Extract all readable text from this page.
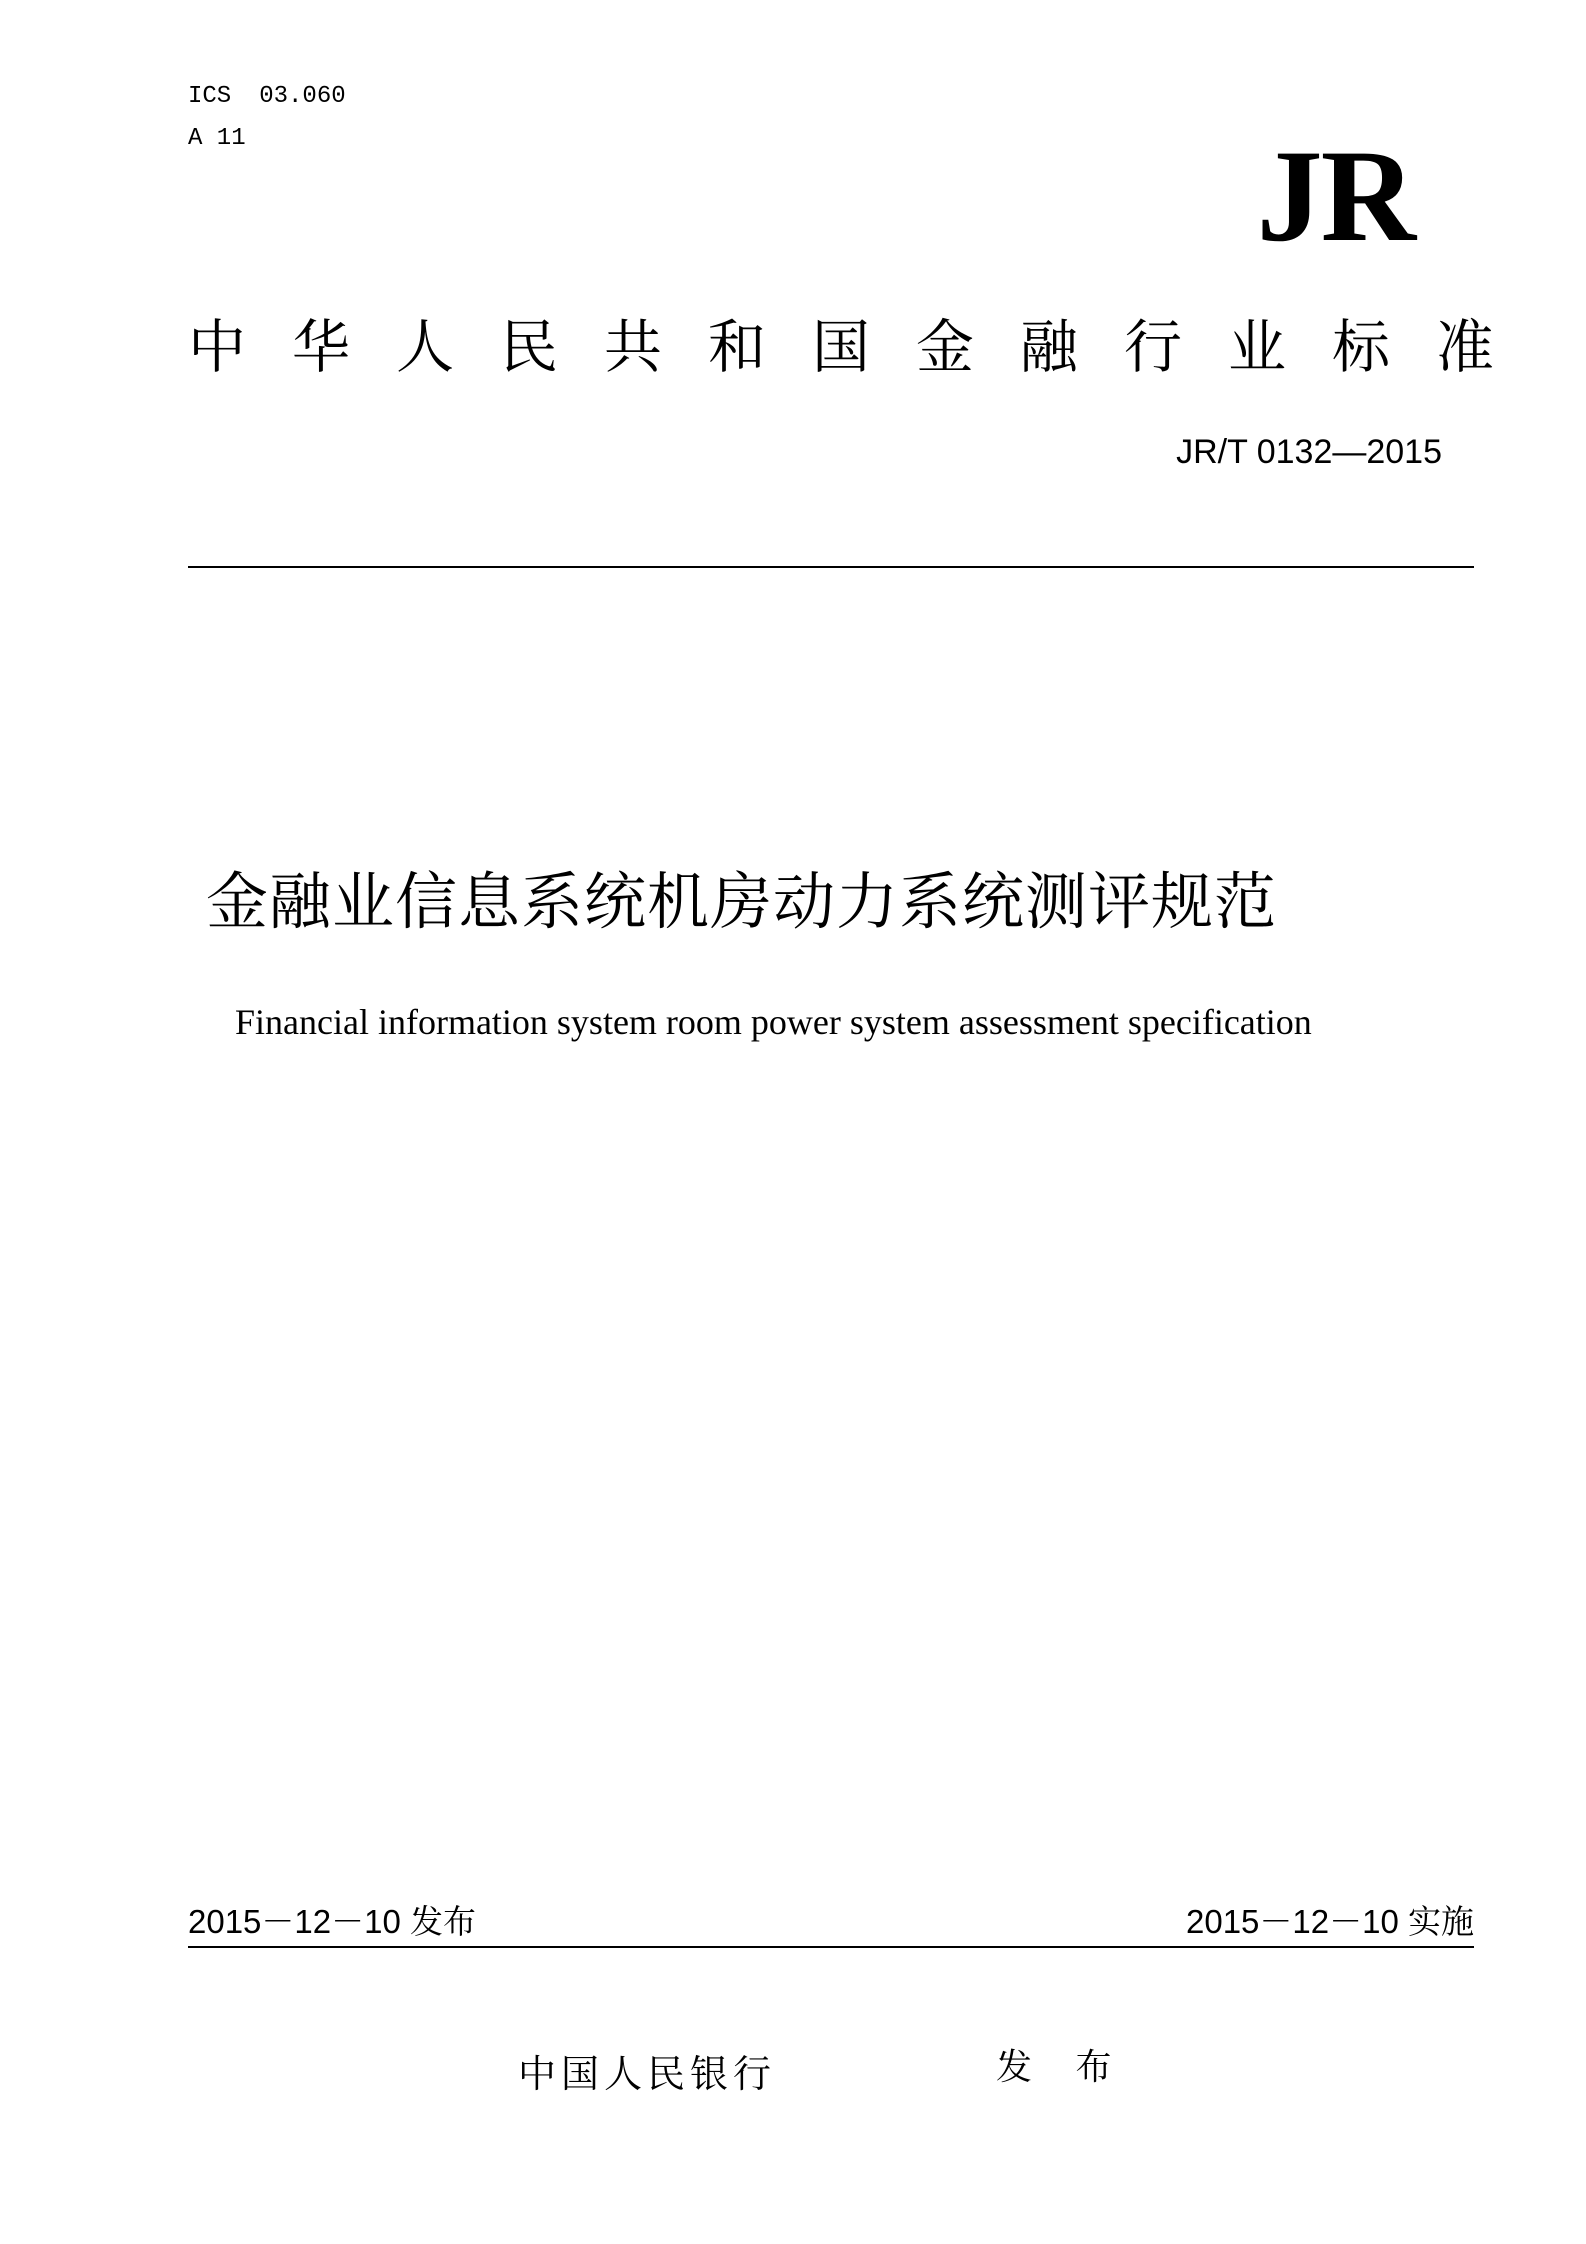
ICS 03.060
A 11	JR
中华人民共和国金融行业标准
JR/T 0132—2015
金融业信息系统机房动力系统测评规范
Financial information system room power system assessment specification
2015－12－10 发布	2015－12－10 实施
中国人民银行	发 布
